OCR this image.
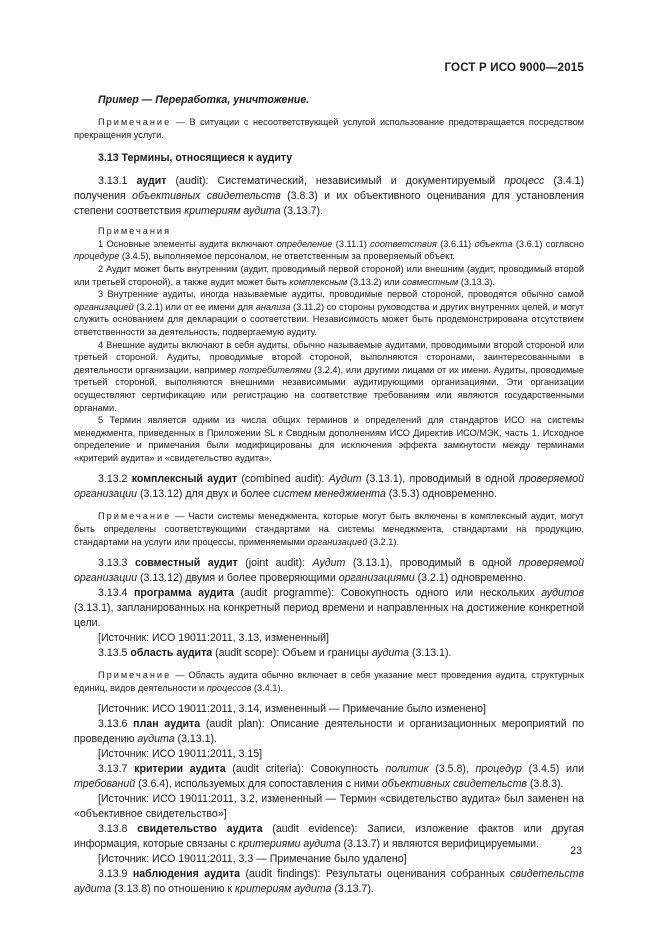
ГОСТ Р ИСО 9000—2015

Пример — Переработка, уничтожение.

Примечание — В ситуации с несоответствующей услугой использование предотвращается посредством прекращения услуги.

3.13 Термины, относящиеся к аудиту

3.13.1 аудит (audit): Систематический, независимый и документируемый процесс (3.4.1) получения объективных свидетельств (3.8.3) и их объективного оценивания для установления степени соответствия критериям аудита (3.13.7).

Примечания

1 Основные элементы аудита включают определение (3.11.1) соответствия (3.6.11) объекта (3.6.1) согласно процедуре (3.4.5), выполняемое персоналом, не ответственным за проверяемый объект.

2 Аудит может быть внутренним (аудит, проводимый первой стороной) или внешним (аудит, проводимый второй или третьей стороной), а также аудит может быть комплексным (3.13.2) или совместным (3.13.3).

3 Внутренние аудиты, иногда называемые аудиты, проводимые первой стороной, проводятся обычно самой организацией (3.2.1) или от ее имени для анализа (3.11.2) со стороны руководства и других внутренних целей, и могут служить основанием для декларации о соответствии. Независимость может быть продемонстрирована отсутствием ответственности за деятельность, подвергаемую аудиту.

4 Внешние аудиты включают в себя аудиты, обычно называемые аудитами, проводимыми второй стороной или третьей стороной. Аудиты, проводимые второй стороной, выполняются сторонами, заинтересованными в деятельности организации, например потребителями (3.2.4), или другими лицами от их имени. Аудиты, проводимые третьей стороной, выполняются внешними независимыми аудитирующими организациями. Эти организации осуществляют сертификацию или регистрацию на соответствие требованиям или являются государственными органами.

5 Термин является одним из числа общих терминов и определений для стандартов ИСО на системы менеджмента, приведенных в Приложении SL к Сводным дополнениям ИСО Директив ИСО/МЭК, часть 1. Исходное определение и примечания были модифицированы для исключения эффекта замкнутости между терминами «критерий аудита» и «свидетельство аудита».

3.13.2 комплексный аудит (combined audit): Аудит (3.13.1), проводимый в одной проверяемой организации (3.13.12) для двух и более систем менеджмента (3.5.3) одновременно.

Примечание — Части системы менеджмента, которые могут быть включены в комплексный аудит, могут быть определены соответствующими стандартами на системы менеджмента, стандартами на продукцию, стандартами на услуги или процессы, применяемыми организацией (3.2.1).

3.13.3 совместный аудит (joint audit): Аудит (3.13.1), проводимый в одной проверяемой организации (3.13.12) двумя и более проверяющими организациями (3.2.1) одновременно.

3.13.4 программа аудита (audit programme): Совокупность одного или нескольких аудитов (3.13.1), запланированных на конкретный период времени и направленных на достижение конкретной цели.

[Источник: ИСО 19011:2011, 3.13, измененный]

3.13.5 область аудита (audit scope): Объем и границы аудита (3.13.1).

Примечание — Область аудита обычно включает в себя указание мест проведения аудита, структурных единиц, видов деятельности и процессов (3.4.1).

[Источник: ИСО 19011:2011, 3.14, измененный — Примечание было изменено]

3.13.6 план аудита (audit plan): Описание деятельности и организационных мероприятий по проведению аудита (3.13.1).

[Источник: ИСО 19011:2011, 3.15]

3.13.7 критерии аудита (audit criteria): Совокупность политик (3.5.8), процедур (3.4.5) или требований (3.6.4), используемых для сопоставления с ними объективных свидетельств (3.8.3).

[Источник: ИСО 19011:2011, 3.2, измененный — Термин «свидетельство аудита» был заменен на «объективное свидетельство»]

3.13.8 свидетельство аудита (audit evidence): Записи, изложение фактов или другая информация, которые связаны с критериями аудита (3.13.7) и являются верифицируемыми.

[Источник: ИСО 19011:2011, 3.3 — Примечание было удалено]

3.13.9 наблюдения аудита (audit findings): Результаты оценивания собранных свидетельств аудита (3.13.8) по отношению к критериям аудита (3.13.7).

23
